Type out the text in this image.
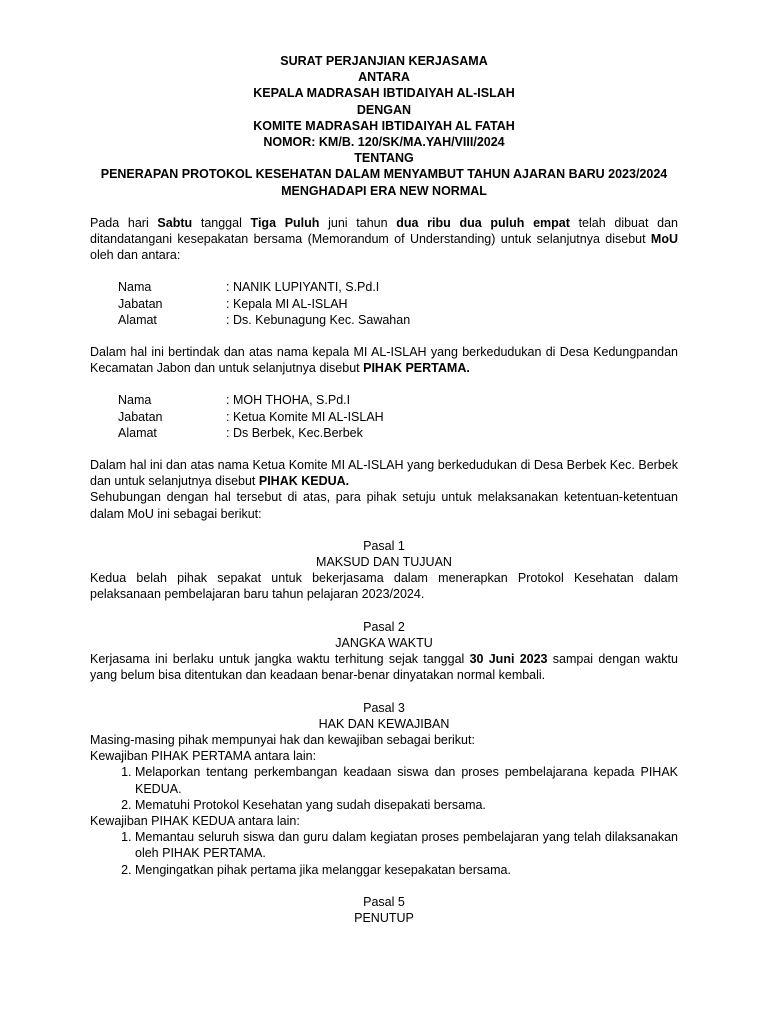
SURAT PERJANJIAN KERJASAMA
ANTARA
KEPALA MADRASAH IBTIDAIYAH AL-ISLAH
DENGAN
KOMITE MADRASAH IBTIDAIYAH AL FATAH
NOMOR: KM/B. 120/SK/MA.YAH/VIII/2024
TENTANG
PENERAPAN PROTOKOL KESEHATAN DALAM MENYAMBUT TAHUN AJARAN BARU 2023/2024
MENGHADAPI ERA NEW NORMAL

Pada hari Sabtu tanggal Tiga Puluh juni tahun dua ribu dua puluh empat telah dibuat dan ditandatangani kesepakatan bersama (Memorandum of Understanding) untuk selanjutnya disebut MoU oleh dan antara:

Nama	: NANIK LUPIYANTI, S.Pd.I
Jabatan	: Kepala MI AL-ISLAH
Alamat	: Ds. Kebunagung Kec. Sawahan

Dalam hal ini bertindak dan atas nama kepala MI AL-ISLAH yang berkedudukan di Desa Kedungpandan Kecamatan Jabon dan untuk selanjutnya disebut PIHAK PERTAMA.

Nama	: MOH THOHA, S.Pd.I
Jabatan	: Ketua Komite MI AL-ISLAH
Alamat	: Ds Berbek, Kec.Berbek

Dalam hal ini dan atas nama Ketua Komite MI AL-ISLAH yang berkedudukan di Desa Berbek Kec. Berbek dan untuk selanjutnya disebut PIHAK KEDUA.

Sehubungan dengan hal tersebut di atas, para pihak setuju untuk melaksanakan ketentuan-ketentuan dalam MoU ini sebagai berikut:

Pasal 1
MAKSUD DAN TUJUAN

Kedua belah pihak sepakat untuk bekerjasama dalam menerapkan Protokol Kesehatan dalam pelaksanaan pembelajaran baru tahun pelajaran 2023/2024.

Pasal 2
JANGKA WAKTU

Kerjasama ini berlaku untuk jangka waktu terhitung sejak tanggal 30 Juni 2023 sampai dengan waktu yang belum bisa ditentukan dan keadaan benar-benar dinyatakan normal kembali.

Pasal 3
HAK DAN KEWAJIBAN

Masing-masing pihak mempunyai hak dan kewajiban sebagai berikut:

Kewajiban PIHAK PERTAMA antara lain:

1. Melaporkan tentang perkembangan keadaan siswa dan proses pembelajarana kepada PIHAK KEDUA.
2. Mematuhi Protokol Kesehatan yang sudah disepakati bersama.

Kewajiban PIHAK KEDUA antara lain:

1. Memantau seluruh siswa dan guru dalam kegiatan proses pembelajaran yang telah dilaksanakan oleh PIHAK PERTAMA.
2. Mengingatkan pihak pertama jika melanggar kesepakatan bersama.
Pasal 5
PENUTUP
